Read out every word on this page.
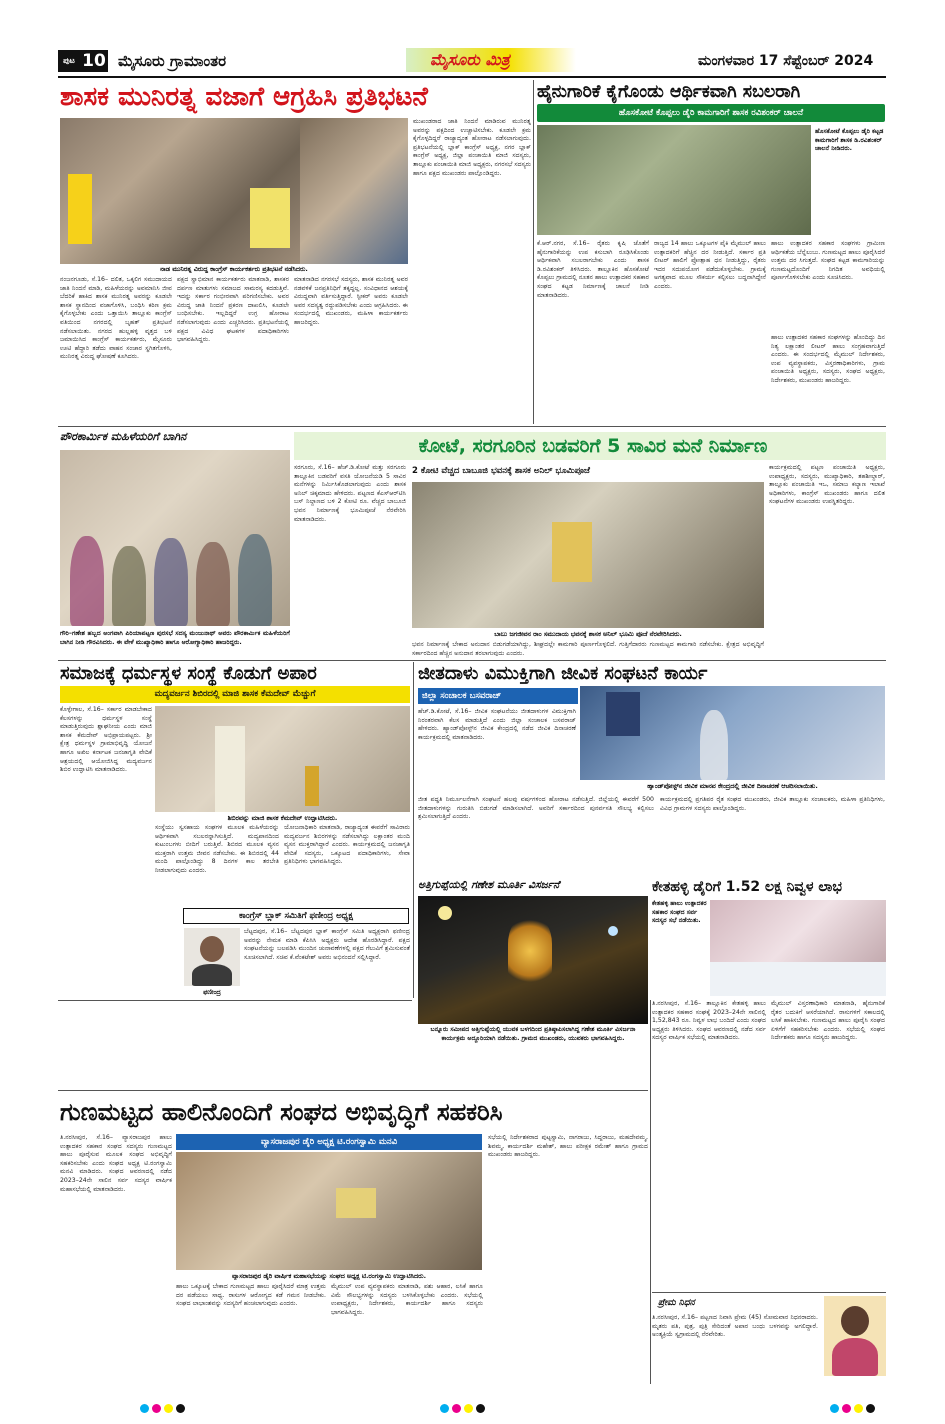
ಪುಟ 10 ಮೈಸೂರು ಗ್ರಾಮಾಂತರ	ಮೈಸೂರು ಮಿತ್ರ	ಮಂಗಳವಾರ 17 ಸೆಪ್ಟೆಂಬರ್ 2024
ಶಾಸಕ ಮುನಿರತ್ನ ವಜಾಗೆ ಆಗ್ರಹಿಸಿ ಪ್ರತಿಭಟನೆ
ನಾಡ ಮುನಿರತ್ನ ವಿರುದ್ಧ ಕಾಂಗ್ರೆಸ್ ಕಾರ್ಯಕರ್ತರು ಪ್ರತಿಭಟನೆ ನಡೆಸಿದರು.
ನಂಜನಗೂಡು, ಸೆ.16– ದಲಿತ, ಒಕ್ಕಲಿಗ ಸಮುದಾಯದ ಜಾತಿ ನಿಂದನೆ ಮಾಡಿ, ಮಹಿಳೆಯರನ್ನು ಅವಮಾನಿಸಿ ಜೀವ ಬೆದರಿಕೆ ಹಾಕಿದ ಶಾಸಕ ಮುನಿರತ್ನ ಅವರನ್ನು ಕೂಡಲೇ ಶಾಸಕ ಸ್ಥಾನದಿಂದ ವಜಾಗೊಳಿಸಿ, ಬಂಧಿಸಿ ಕಠಿಣ ಕ್ರಮ ಕೈಗೊಳ್ಳಬೇಕು ಎಂದು ಒತ್ತಾಯಿಸಿ ತಾಲ್ಲೂಕು ಕಾಂಗ್ರೆಸ್ ವತಿಯಿಂದ ನಗರದಲ್ಲಿ ಬೃಹತ್ ಪ್ರತಿಭಟನೆ ನಡೆಸಲಾಯಿತು. ನಗರದ ಹುಲ್ಲಹಳ್ಳಿ ವೃತ್ತದ ಬಳಿ ಜಮಾಯಿಸಿದ ಕಾಂಗ್ರೆಸ್ ಕಾರ್ಯಕರ್ತರು, ಮೈಸೂರು ಊಟಿ ಹೆದ್ದಾರಿ ತಡೆದು ವಾಹನ ಸಂಚಾರ ಸ್ಥಗಿತಗೊಳಿಸಿ, ಮುನಿರತ್ನ ವಿರುದ್ಧ ಘೋಷಣೆ ಕೂಗಿದರು.
ಪಕ್ಷದ ಸ್ವಾಭಿಮಾನ ಕಾರ್ಯಕರ್ತರು ಮಾತನಾಡಿ, ಶಾಸಕರ ದರ್ಪಣ ಮಾತುಗಳು ಸಮಾಜದ ಸಾಮರಸ್ಯ ಕದಡುತ್ತಿವೆ. ಇದನ್ನು ಸರ್ಕಾರ ಗಂಭೀರವಾಗಿ ಪರಿಗಣಿಸಬೇಕು. ಅವರ ವಿರುದ್ಧ ಜಾತಿ ನಿಂದನೆ ಪ್ರಕರಣ ದಾಖಲಿಸಿ, ಕೂಡಲೇ ಬಂಧಿಸಬೇಕು. ಇಲ್ಲದಿದ್ದರೆ ಉಗ್ರ ಹೋರಾಟ ನಡೆಸಲಾಗುವುದು ಎಂದು ಎಚ್ಚರಿಸಿದರು. ಪ್ರತಿಭಟನೆಯಲ್ಲಿ ಪಕ್ಷದ ವಿವಿಧ ಘಟಕಗಳ ಪದಾಧಿಕಾರಿಗಳು ಭಾಗವಹಿಸಿದ್ದರು.
ಮಾತನಾಡಿದ ನಗರಸಭೆ ಸದಸ್ಯರು, ಶಾಸಕ ಮುನಿರತ್ನ ಅವರ ನಡವಳಿಕೆ ಜನಪ್ರತಿನಿಧಿಗೆ ತಕ್ಕದ್ದಲ್ಲ. ಸಂವಿಧಾನದ ಆಶಯಕ್ಕೆ ವಿರುದ್ಧವಾಗಿ ವರ್ತಿಸುತ್ತಿದ್ದಾರೆ. ಸ್ಪೀಕರ್ ಅವರು ಕೂಡಲೇ ಅವರ ಸದಸ್ಯತ್ವ ರದ್ದುಪಡಿಸಬೇಕು ಎಂದು ಆಗ್ರಹಿಸಿದರು. ಈ ಸಂದರ್ಭದಲ್ಲಿ ಮುಖಂಡರು, ಮಹಿಳಾ ಕಾರ್ಯಕರ್ತರು ಹಾಜರಿದ್ದರು.
ಮುಖಂಡರಾದ ಜಾತಿ ನಿಂದನೆ ಮಾಡಿರುವ ಮುನಿರತ್ನ ಅವರನ್ನು ಪಕ್ಷದಿಂದ ಉಚ್ಚಾಟಿಸಬೇಕು. ಕೂಡಲೇ ಕ್ರಮ ಕೈಗೊಳ್ಳದಿದ್ದರೆ ರಾಜ್ಯಾದ್ಯಂತ ಹೋರಾಟ ನಡೆಸಲಾಗುವುದು. ಪ್ರತಿಭಟನೆಯಲ್ಲಿ ಬ್ಲಾಕ್ ಕಾಂಗ್ರೆಸ್ ಅಧ್ಯಕ್ಷ, ನಗರ ಬ್ಲಾಕ್ ಕಾಂಗ್ರೆಸ್ ಅಧ್ಯಕ್ಷ, ಜಿಲ್ಲಾ ಪಂಚಾಯಿತಿ ಮಾಜಿ ಸದಸ್ಯರು, ತಾಲ್ಲೂಕು ಪಂಚಾಯಿತಿ ಮಾಜಿ ಅಧ್ಯಕ್ಷರು, ನಗರಸಭೆ ಸದಸ್ಯರು ಹಾಗೂ ಪಕ್ಷದ ಮುಖಂಡರು ಪಾಲ್ಗೊಂಡಿದ್ದರು.
ಹೈನುಗಾರಿಕೆ ಕೈಗೊಂಡು ಆರ್ಥಿಕವಾಗಿ ಸಬಲರಾಗಿ
ಹೊಸಕೋಟೆ ಕೊಪ್ಪಲು ಡೈರಿ ಕಾಮಗಾರಿಗೆ ಶಾಸಕ ರವಿಶಂಕರ್ ಚಾಲನೆ
ಹೊಸಕೋಟೆ ಕೊಪ್ಪಲು ಡೈರಿ ಕಟ್ಟಡ ಕಾಮಗಾರಿಗೆ ಶಾಸಕ ಡಿ.ರವಿಶಂಕರ್ ಚಾಲನೆ ನೀಡಿದರು.
ಕೆ.ಆರ್.ನಗರ, ಸೆ.16– ರೈತರು ಕೃಷಿ ಜೊತೆಗೆ ಹೈನುಗಾರಿಕೆಯನ್ನು ಉಪ ಕಸುಬಾಗಿ ರೂಢಿಸಿಕೊಂಡು ಆರ್ಥಿಕವಾಗಿ ಸಬಲರಾಗಬೇಕು ಎಂದು ಶಾಸಕ ಡಿ.ರವಿಶಂಕರ್ ತಿಳಿಸಿದರು. ತಾಲ್ಲೂಕಿನ ಹೊಸಕೋಟೆ ಕೊಪ್ಪಲು ಗ್ರಾಮದಲ್ಲಿ ನೂತನ ಹಾಲು ಉತ್ಪಾದಕರ ಸಹಕಾರ ಸಂಘದ ಕಟ್ಟಡ ನಿರ್ಮಾಣಕ್ಕೆ ಚಾಲನೆ ನೀಡಿ ಮಾತನಾಡಿದರು.
ರಾಜ್ಯದ 14 ಹಾಲು ಒಕ್ಕೂಟಗಳ ಪೈಕಿ ಮೈಮುಲ್ ಹಾಲು ಉತ್ಪಾದಕರಿಗೆ ಹೆಚ್ಚಿನ ದರ ನೀಡುತ್ತಿದೆ. ಸರ್ಕಾರ ಪ್ರತಿ ಲೀಟರ್ ಹಾಲಿಗೆ ಪ್ರೋತ್ಸಾಹ ಧನ ನೀಡುತ್ತಿದ್ದು, ರೈತರು ಇದರ ಸದುಪಯೋಗ ಪಡೆದುಕೊಳ್ಳಬೇಕು. ಗ್ರಾಮಕ್ಕೆ ಅಗತ್ಯವಾದ ಮೂಲ ಸೌಕರ್ಯ ಕಲ್ಪಿಸಲು ಬದ್ಧನಾಗಿದ್ದೇನೆ ಎಂದರು.
ಹಾಲು ಉತ್ಪಾದಕರ ಸಹಕಾರ ಸಂಘಗಳು ಗ್ರಾಮೀಣ ಆರ್ಥಿಕತೆಯ ಬೆನ್ನೆಲುಬು. ಗುಣಮಟ್ಟದ ಹಾಲು ಪೂರೈಸಿದರೆ ಉತ್ತಮ ದರ ಸಿಗುತ್ತದೆ. ಸಂಘದ ಕಟ್ಟಡ ಕಾಮಗಾರಿಯನ್ನು ಗುಣಮಟ್ಟದೊಂದಿಗೆ ನಿಗದಿತ ಅವಧಿಯಲ್ಲಿ ಪೂರ್ಣಗೊಳಿಸಬೇಕು ಎಂದು ಸೂಚಿಸಿದರು.
ಹಾಲು ಉತ್ಪಾದಕರ ಸಹಕಾರ ಸಂಘಗಳನ್ನು ಹೊಂದಿದ್ದು ದಿನ ನಿತ್ಯ ಲಕ್ಷಾಂತರ ಲೀಟರ್ ಹಾಲು ಸಂಗ್ರಹವಾಗುತ್ತಿದೆ ಎಂದರು. ಈ ಸಂದರ್ಭದಲ್ಲಿ ಮೈಮುಲ್ ನಿರ್ದೇಶಕರು, ಉಪ ವ್ಯವಸ್ಥಾಪಕರು, ವಿಸ್ತರಣಾಧಿಕಾರಿಗಳು, ಗ್ರಾಮ ಪಂಚಾಯಿತಿ ಅಧ್ಯಕ್ಷರು, ಸದಸ್ಯರು, ಸಂಘದ ಅಧ್ಯಕ್ಷರು, ನಿರ್ದೇಶಕರು, ಮುಖಂಡರು ಹಾಜರಿದ್ದರು.
ಪೌರಕಾರ್ಮಿಕ ಮಹಿಳೆಯರಿಗೆ ಬಾಗಿನ
ಗೌರಿ–ಗಣೇಶ ಹಬ್ಬದ ಅಂಗವಾಗಿ ಪಿರಿಯಾಪಟ್ಟಣ ಪುರಸಭೆ ಸದಸ್ಯ ಮಂಜುನಾಥ್ ಅವರು ಪೌರಕಾರ್ಮಿಕ ಮಹಿಳೆಯರಿಗೆ ಬಾಗಿನ ನೀಡಿ ಗೌರವಿಸಿದರು. ಈ ವೇಳೆ ಮುಖ್ಯಾಧಿಕಾರಿ ಹಾಗೂ ಆರೋಗ್ಯಾಧಿಕಾರಿ ಹಾಜರಿದ್ದರು.
ಕೋಟೆ, ಸರಗೂರಿನ ಬಡವರಿಗೆ 5 ಸಾವಿರ ಮನೆ ನಿರ್ಮಾಣ
ಸರಗೂರು, ಸೆ.16– ಹೆಚ್.ಡಿ.ಕೋಟೆ ಮತ್ತು ಸರಗೂರು ತಾಲ್ಲೂಕಿನ ಬಡವರಿಗೆ ವಸತಿ ಯೋಜನೆಯಡಿ 5 ಸಾವಿರ ಮನೆಗಳನ್ನು ನಿರ್ಮಿಸಿಕೊಡಲಾಗುವುದು ಎಂದು ಶಾಸಕ ಅನಿಲ್ ಚಿಕ್ಕಮಾದು ಹೇಳಿದರು. ಪಟ್ಟಣದ ಕೆಎಸ್‌ಆರ್‌ಟಿಸಿ ಬಸ್ ನಿಲ್ದಾಣದ ಬಳಿ 2 ಕೋಟಿ ರೂ. ವೆಚ್ಚದ ಬಾಬೂಜಿ ಭವನ ನಿರ್ಮಾಣಕ್ಕೆ ಭೂಮಿಪೂಜೆ ನೆರವೇರಿಸಿ ಮಾತನಾಡಿದರು.
2 ಕೋಟಿ ವೆಚ್ಚದ ಬಾಬೂಜಿ ಭವನಕ್ಕೆ ಶಾಸಕ ಅನಿಲ್ ಭೂಮಿಪೂಜೆ
ಬಾಬು ಜಗಜೀವನ ರಾಂ ಸಮುದಾಯ ಭವನಕ್ಕೆ ಶಾಸಕ ಅನಿಲ್ ಭೂಮಿ ಪೂಜೆ ನೆರವೇರಿಸಿದರು.
ಭವನ ನಿರ್ಮಾಣಕ್ಕೆ ಬೇಕಾದ ಅನುದಾನ ಬಿಡುಗಡೆಯಾಗಿದ್ದು, ಶೀಘ್ರದಲ್ಲೇ ಕಾಮಗಾರಿ ಪೂರ್ಣಗೊಳ್ಳಲಿದೆ. ಗುತ್ತಿಗೆದಾರರು ಗುಣಮಟ್ಟದ ಕಾಮಗಾರಿ ನಡೆಸಬೇಕು. ಕ್ಷೇತ್ರದ ಅಭಿವೃದ್ಧಿಗೆ ಸರ್ಕಾರದಿಂದ ಹೆಚ್ಚಿನ ಅನುದಾನ ತರಲಾಗುವುದು ಎಂದರು.
ಕಾರ್ಯಕ್ರಮದಲ್ಲಿ ಪಟ್ಟಣ ಪಂಚಾಯಿತಿ ಅಧ್ಯಕ್ಷರು, ಉಪಾಧ್ಯಕ್ಷರು, ಸದಸ್ಯರು, ಮುಖ್ಯಾಧಿಕಾರಿ, ತಹಶೀಲ್ದಾರ್, ತಾಲ್ಲೂಕು ಪಂಚಾಯಿತಿ ಇಒ, ಸಮಾಜ ಕಲ್ಯಾಣ ಇಲಾಖೆ ಅಧಿಕಾರಿಗಳು, ಕಾಂಗ್ರೆಸ್ ಮುಖಂಡರು ಹಾಗೂ ದಲಿತ ಸಂಘಟನೆಗಳ ಮುಖಂಡರು ಉಪಸ್ಥಿತರಿದ್ದರು.
ಸಮಾಜಕ್ಕೆ ಧರ್ಮಸ್ಥಳ ಸಂಸ್ಥೆ ಕೊಡುಗೆ ಅಪಾರ
ಮದ್ಯವರ್ಜನ ಶಿಬಿರದಲ್ಲಿ ಮಾಜಿ ಶಾಸಕ ಕೆಮದೇವ್ ಮೆಚ್ಚುಗೆ
ಕೊಳ್ಳೇಗಾಲ, ಸೆ.16– ಸರ್ಕಾರ ಮಾಡಬೇಕಾದ ಕೆಲಸಗಳನ್ನು ಧರ್ಮಸ್ಥಳ ಸಂಸ್ಥೆ ಮಾಡುತ್ತಿರುವುದು ಶ್ಲಾಘನೀಯ ಎಂದು ಮಾಜಿ ಶಾಸಕ ಕೆಮದೇವ್ ಅಭಿಪ್ರಾಯಪಟ್ಟರು. ಶ್ರೀ ಕ್ಷೇತ್ರ ಧರ್ಮಸ್ಥಳ ಗ್ರಾಮಾಭಿವೃದ್ಧಿ ಯೋಜನೆ ಹಾಗೂ ಅಖಿಲ ಕರ್ನಾಟಕ ಜನಜಾಗೃತಿ ವೇದಿಕೆ ಆಶ್ರಯದಲ್ಲಿ ಆಯೋಜಿಸಿದ್ದ ಮದ್ಯವರ್ಜನ ಶಿಬಿರ ಉದ್ಘಾಟಿಸಿ ಮಾತನಾಡಿದರು.
ಶಿಬಿರವನ್ನು ಮಾಜಿ ಶಾಸಕ ಕೆಮದೇವ್ ಉದ್ಘಾಟಿಸಿದರು.
ಸಂಸ್ಥೆಯು ಸ್ವಸಹಾಯ ಸಂಘಗಳ ಮೂಲಕ ಮಹಿಳೆಯರನ್ನು ಆರ್ಥಿಕವಾಗಿ ಸಬಲರನ್ನಾಗಿಸುತ್ತಿದೆ. ಮದ್ಯಪಾನದಿಂದ ಕುಟುಂಬಗಳು ಬೀದಿಗೆ ಬರುತ್ತಿವೆ. ಶಿಬಿರದ ಮೂಲಕ ವ್ಯಸನ ಮುಕ್ತರಾಗಿ ಉತ್ತಮ ಜೀವನ ನಡೆಸಬೇಕು. ಈ ಶಿಬಿರದಲ್ಲಿ 44 ಮಂದಿ ಪಾಲ್ಗೊಂಡಿದ್ದು 8 ದಿನಗಳ ಕಾಲ ತರಬೇತಿ ನೀಡಲಾಗುವುದು ಎಂದರು.
ಯೋಜನಾಧಿಕಾರಿ ಮಾತನಾಡಿ, ರಾಜ್ಯಾದ್ಯಂತ ಈವರೆಗೆ ಸಾವಿರಾರು ಮದ್ಯವರ್ಜನ ಶಿಬಿರಗಳನ್ನು ನಡೆಸಲಾಗಿದ್ದು ಲಕ್ಷಾಂತರ ಮಂದಿ ವ್ಯಸನ ಮುಕ್ತರಾಗಿದ್ದಾರೆ ಎಂದರು. ಕಾರ್ಯಕ್ರಮದಲ್ಲಿ ಜನಜಾಗೃತಿ ವೇದಿಕೆ ಸದಸ್ಯರು, ಒಕ್ಕೂಟದ ಪದಾಧಿಕಾರಿಗಳು, ಸೇವಾ ಪ್ರತಿನಿಧಿಗಳು ಭಾಗವಹಿಸಿದ್ದರು.
ಕಾಂಗ್ರೆಸ್ ಬ್ಲಾಕ್ ಸಮಿತಿಗೆ ಫಣೀಂದ್ರ ಅಧ್ಯಕ್ಷ
ಬೆಟ್ಟದಪುರ, ಸೆ.16– ಬೆಟ್ಟದಪುರ ಬ್ಲಾಕ್ ಕಾಂಗ್ರೆಸ್ ಸಮಿತಿ ಅಧ್ಯಕ್ಷರಾಗಿ ಫಣೀಂದ್ರ ಅವರನ್ನು ನೇಮಕ ಮಾಡಿ ಕೆಪಿಸಿಸಿ ಅಧ್ಯಕ್ಷರು ಆದೇಶ ಹೊರಡಿಸಿದ್ದಾರೆ. ಪಕ್ಷದ ಸಂಘಟನೆಯನ್ನು ಬಲಪಡಿಸಿ ಮುಂದಿನ ಚುನಾವಣೆಗಳಲ್ಲಿ ಪಕ್ಷದ ಗೆಲುವಿಗೆ ಶ್ರಮಿಸುವಂತೆ ಸೂಚಿಸಲಾಗಿದೆ. ಸಚಿವ ಕೆ.ವೆಂಕಟೇಶ್ ಅವರು ಅಭಿನಂದನೆ ಸಲ್ಲಿಸಿದ್ದಾರೆ.
ಫಣೀಂದ್ರ
ಜೀತದಾಳು ವಿಮುಕ್ತಿಗಾಗಿ ಜೀವಿಕ ಸಂಘಟನೆ ಕಾರ್ಯ
ಜಿಲ್ಲಾ ಸಂಚಾಲಕ ಬಸವರಾಜ್
ಹ್ಯಾಂಡ್‌ಪೋಸ್ಟ್‌ನ ಜೀವಿಕ ಮಾನವ ಕೇಂದ್ರದಲ್ಲಿ ಜೀವಿಕ ದಿನಾಚರಣೆ ಆಚರಿಸಲಾಯಿತು.
ಹೆಚ್.ಡಿ.ಕೋಟೆ, ಸೆ.16– ಜೀವಿಕ ಸಂಘಟನೆಯು ಜೀತದಾಳುಗಳ ವಿಮುಕ್ತಿಗಾಗಿ ನಿರಂತರವಾಗಿ ಕೆಲಸ ಮಾಡುತ್ತಿದೆ ಎಂದು ಜಿಲ್ಲಾ ಸಂಚಾಲಕ ಬಸವರಾಜ್ ಹೇಳಿದರು. ಹ್ಯಾಂಡ್‌ಪೋಸ್ಟ್‌ನ ಜೀವಿಕ ಕೇಂದ್ರದಲ್ಲಿ ನಡೆದ ಜೀವಿಕ ದಿನಾಚರಣೆ ಕಾರ್ಯಕ್ರಮದಲ್ಲಿ ಮಾತನಾಡಿದರು.
ಜೀತ ಪದ್ಧತಿ ನಿರ್ಮೂಲನೆಗಾಗಿ ಸಂಘಟನೆ ಹಲವು ವರ್ಷಗಳಿಂದ ಹೋರಾಟ ನಡೆಸುತ್ತಿದೆ. ಜಿಲ್ಲೆಯಲ್ಲಿ ಈವರೆಗೆ 500 ಜೀತದಾಳುಗಳನ್ನು ಗುರುತಿಸಿ ಬಿಡುಗಡೆ ಮಾಡಿಸಲಾಗಿದೆ. ಅವರಿಗೆ ಸರ್ಕಾರದಿಂದ ಪುನರ್ವಸತಿ ಸೌಲಭ್ಯ ಕಲ್ಪಿಸಲು ಶ್ರಮಿಸಲಾಗುತ್ತಿದೆ ಎಂದರು.
ಕಾರ್ಯಕ್ರಮದಲ್ಲಿ ಪ್ರಗತಿಪರ ರೈತ ಸಂಘದ ಮುಖಂಡರು, ಜೀವಿಕ ತಾಲ್ಲೂಕು ಸಂಚಾಲಕರು, ಮಹಿಳಾ ಪ್ರತಿನಿಧಿಗಳು, ವಿವಿಧ ಗ್ರಾಮಗಳ ಸದಸ್ಯರು ಪಾಲ್ಗೊಂಡಿದ್ದರು.
ಅತ್ತಿಗುಪ್ಪೆಯಲ್ಲಿ ಗಣೇಶ ಮೂರ್ತಿ ವಿಸರ್ಜನೆ
ಬನ್ನೂರು ಸಮೀಪದ ಅತ್ತಿಗುಪ್ಪೆಯಲ್ಲಿ ಯುವಕ ಬಳಗದಿಂದ ಪ್ರತಿಷ್ಠಾಪಿಸಲಾಗಿದ್ದ ಗಣೇಶ ಮೂರ್ತಿ ವಿಸರ್ಜನಾ ಕಾರ್ಯಕ್ರಮ ಅದ್ದೂರಿಯಾಗಿ ನಡೆಯಿತು. ಗ್ರಾಮದ ಮುಖಂಡರು, ಯುವಕರು ಭಾಗವಹಿಸಿದ್ದರು.
ಕೇತಹಳ್ಳಿ ಡೈರಿಗೆ 1.52 ಲಕ್ಷ ನಿವ್ವಳ ಲಾಭ
ಕೇತಹಳ್ಳಿ ಹಾಲು ಉತ್ಪಾದಕರ ಸಹಕಾರ ಸಂಘದ ಸರ್ವ ಸದಸ್ಯರ ಸಭೆ ನಡೆಯಿತು.
ತಿ.ನರಸೀಪುರ, ಸೆ.16– ತಾಲ್ಲೂಕಿನ ಕೇತಹಳ್ಳಿ ಹಾಲು ಉತ್ಪಾದಕರ ಸಹಕಾರ ಸಂಘಕ್ಕೆ 2023–24ನೇ ಸಾಲಿನಲ್ಲಿ 1,52,843 ರೂ. ನಿವ್ವಳ ಲಾಭ ಬಂದಿದೆ ಎಂದು ಸಂಘದ ಅಧ್ಯಕ್ಷರು ತಿಳಿಸಿದರು. ಸಂಘದ ಆವರಣದಲ್ಲಿ ನಡೆದ ಸರ್ವ ಸದಸ್ಯರ ವಾರ್ಷಿಕ ಸಭೆಯಲ್ಲಿ ಮಾತನಾಡಿದರು.
ಮೈಮುಲ್ ವಿಸ್ತರಣಾಧಿಕಾರಿ ಮಾತನಾಡಿ, ಹೈನುಗಾರಿಕೆ ರೈತರ ಬದುಕಿಗೆ ಆಸರೆಯಾಗಿದೆ. ರಾಸುಗಳಿಗೆ ಸಕಾಲದಲ್ಲಿ ಲಸಿಕೆ ಹಾಕಿಸಬೇಕು. ಗುಣಮಟ್ಟದ ಹಾಲು ಪೂರೈಸಿ ಸಂಘದ ಏಳಿಗೆಗೆ ಸಹಕರಿಸಬೇಕು ಎಂದರು. ಸಭೆಯಲ್ಲಿ ಸಂಘದ ನಿರ್ದೇಶಕರು ಹಾಗೂ ಸದಸ್ಯರು ಹಾಜರಿದ್ದರು.
ಗುಣಮಟ್ಟದ ಹಾಲಿನೊಂದಿಗೆ ಸಂಘದ ಅಭಿವೃದ್ಧಿಗೆ ಸಹಕರಿಸಿ
ತಿ.ನರಸೀಪುರ, ಸೆ.16– ವ್ಯಾಸರಾಜಪುರ ಹಾಲು ಉತ್ಪಾದಕರ ಸಹಕಾರ ಸಂಘದ ಸದಸ್ಯರು ಗುಣಮಟ್ಟದ ಹಾಲು ಪೂರೈಸುವ ಮೂಲಕ ಸಂಘದ ಅಭಿವೃದ್ಧಿಗೆ ಸಹಕರಿಸಬೇಕು ಎಂದು ಸಂಘದ ಅಧ್ಯಕ್ಷ ಟಿ.ರಂಗಸ್ವಾಮಿ ಮನವಿ ಮಾಡಿದರು. ಸಂಘದ ಆವರಣದಲ್ಲಿ ನಡೆದ 2023–24ನೇ ಸಾಲಿನ ಸರ್ವ ಸದಸ್ಯರ ವಾರ್ಷಿಕ ಮಹಾಸಭೆಯಲ್ಲಿ ಮಾತನಾಡಿದರು.
ವ್ಯಾಸರಾಜಪುರ ಡೈರಿ ಅಧ್ಯಕ್ಷ ಟಿ.ರಂಗಸ್ವಾಮಿ ಮನವಿ
ವ್ಯಾಸರಾಜಪುರ ಡೈರಿ ವಾರ್ಷಿಕ ಮಹಾಸಭೆಯನ್ನು ಸಂಘದ ಅಧ್ಯಕ್ಷ ಟಿ.ರಂಗಸ್ವಾಮಿ ಉದ್ಘಾಟಿಸಿದರು.
ಹಾಲು ಒಕ್ಕೂಟಕ್ಕೆ ಬೇಕಾದ ಗುಣಮಟ್ಟದ ಹಾಲು ಪೂರೈಸಿದರೆ ಮಾತ್ರ ಉತ್ತಮ ದರ ಪಡೆಯಲು ಸಾಧ್ಯ. ರಾಸುಗಳ ಆರೋಗ್ಯದ ಕಡೆ ಗಮನ ನೀಡಬೇಕು. ಸಂಘದ ಲಾಭಾಂಶವನ್ನು ಸದಸ್ಯರಿಗೆ ಹಂಚಲಾಗುವುದು ಎಂದರು.
ಮೈಮುಲ್ ಉಪ ವ್ಯವಸ್ಥಾಪಕರು ಮಾತನಾಡಿ, ಪಶು ಆಹಾರ, ಲಸಿಕೆ ಹಾಗೂ ವಿಮೆ ಸೌಲಭ್ಯಗಳನ್ನು ಸದಸ್ಯರು ಬಳಸಿಕೊಳ್ಳಬೇಕು ಎಂದರು. ಸಭೆಯಲ್ಲಿ ಉಪಾಧ್ಯಕ್ಷರು, ನಿರ್ದೇಶಕರು, ಕಾರ್ಯದರ್ಶಿ ಹಾಗೂ ಸದಸ್ಯರು ಭಾಗವಹಿಸಿದ್ದರು.
ಸಭೆಯಲ್ಲಿ ನಿರ್ದೇಶಕರಾದ ಪುಟ್ಟಸ್ವಾಮಿ, ನಾಗರಾಜು, ಸಿದ್ದರಾಜು, ಮಹದೇವಮ್ಮ, ಶಿವಮ್ಮ, ಕಾರ್ಯದರ್ಶಿ ಮಹೇಶ್, ಹಾಲು ಪರೀಕ್ಷಕ ರಮೇಶ್ ಹಾಗೂ ಗ್ರಾಮದ ಮುಖಂಡರು ಹಾಜರಿದ್ದರು.
ಪ್ರೇಮ ನಿಧನ
ತಿ.ನರಸೀಪುರ, ಸೆ.16– ಪಟ್ಟಣದ ನಿವಾಸಿ ಪ್ರೇಮ (45) ಸೋಮವಾರ ನಿಧನರಾದರು. ಮೃತರು ಪತಿ, ಪುತ್ರ, ಪುತ್ರಿ ಸೇರಿದಂತೆ ಅಪಾರ ಬಂಧು ಬಳಗವನ್ನು ಅಗಲಿದ್ದಾರೆ. ಅಂತ್ಯಕ್ರಿಯೆ ಸ್ವಗ್ರಾಮದಲ್ಲಿ ನೆರವೇರಿತು.
